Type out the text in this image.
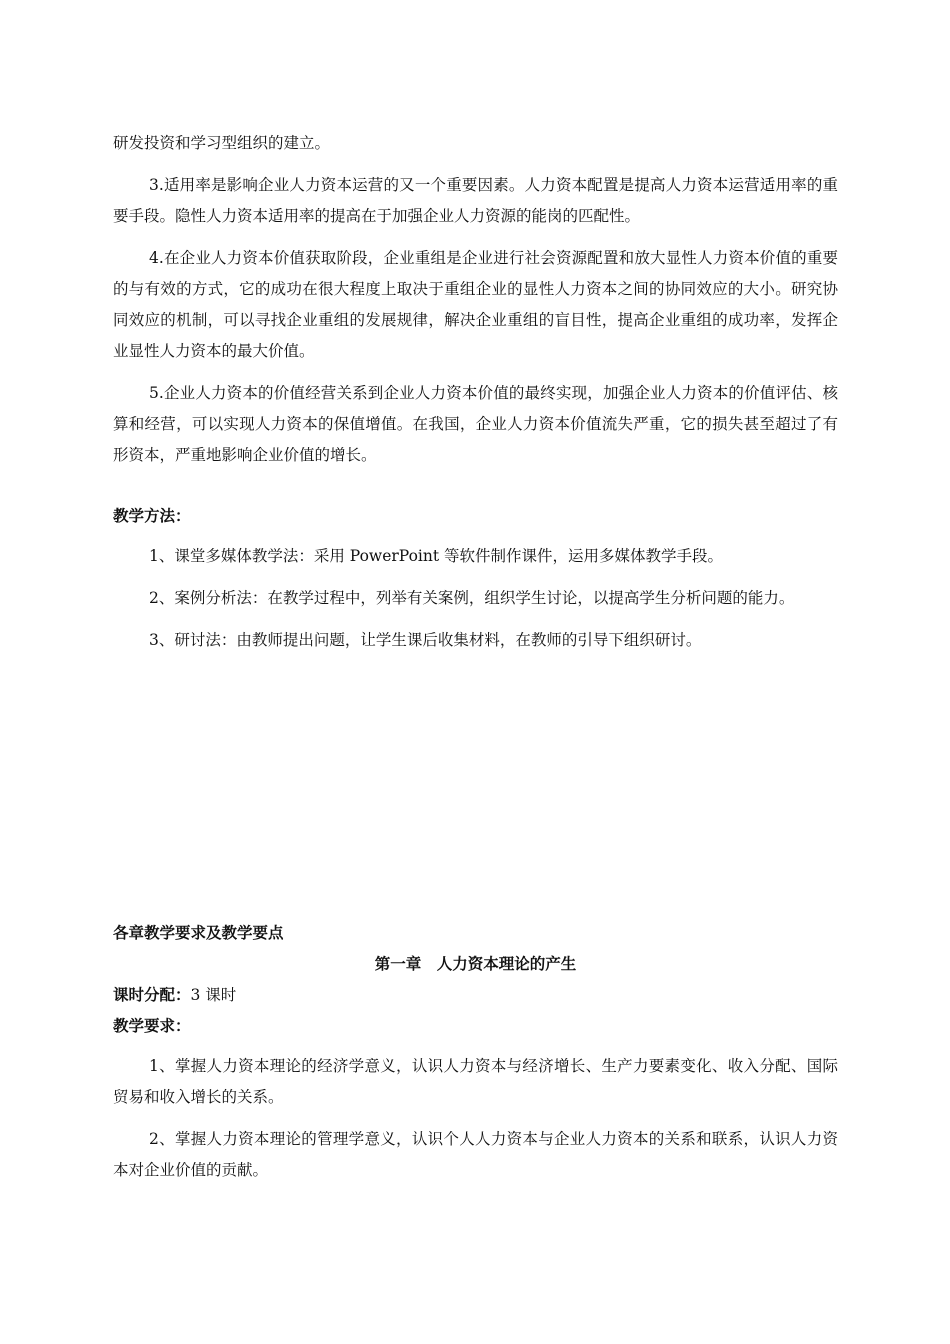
研发投资和学习型组织的建立。

3.适用率是影响企业人力资本运营的又一个重要因素。人力资本配置是提高人力资本运营适用率的重要手段。隐性人力资本适用率的提高在于加强企业人力资源的能岗的匹配性。

4.在企业人力资本价值获取阶段，企业重组是企业进行社会资源配置和放大显性人力资本价值的重要的与有效的方式，它的成功在很大程度上取决于重组企业的显性人力资本之间的协同效应的大小。研究协同效应的机制，可以寻找企业重组的发展规律，解决企业重组的盲目性，提高企业重组的成功率，发挥企业显性人力资本的最大价值。

5.企业人力资本的价值经营关系到企业人力资本价值的最终实现，加强企业人力资本的价值评估、核算和经营，可以实现人力资本的保值增值。在我国，企业人力资本价值流失严重，它的损失甚至超过了有形资本，严重地影响企业价值的增长。

教学方法：

1、课堂多媒体教学法：采用 PowerPoint 等软件制作课件，运用多媒体教学手段。

2、案例分析法：在教学过程中，列举有关案例，组织学生讨论，以提高学生分析问题的能力。

3、研讨法：由教师提出问题，让学生课后收集材料，在教师的引导下组织研讨。

各章教学要求及教学要点

第一章　人力资本理论的产生

课时分配：3 课时

教学要求：

1、掌握人力资本理论的经济学意义，认识人力资本与经济增长、生产力要素变化、收入分配、国际贸易和收入增长的关系。

2、掌握人力资本理论的管理学意义，认识个人人力资本与企业人力资本的关系和联系，认识人力资本对企业价值的贡献。
